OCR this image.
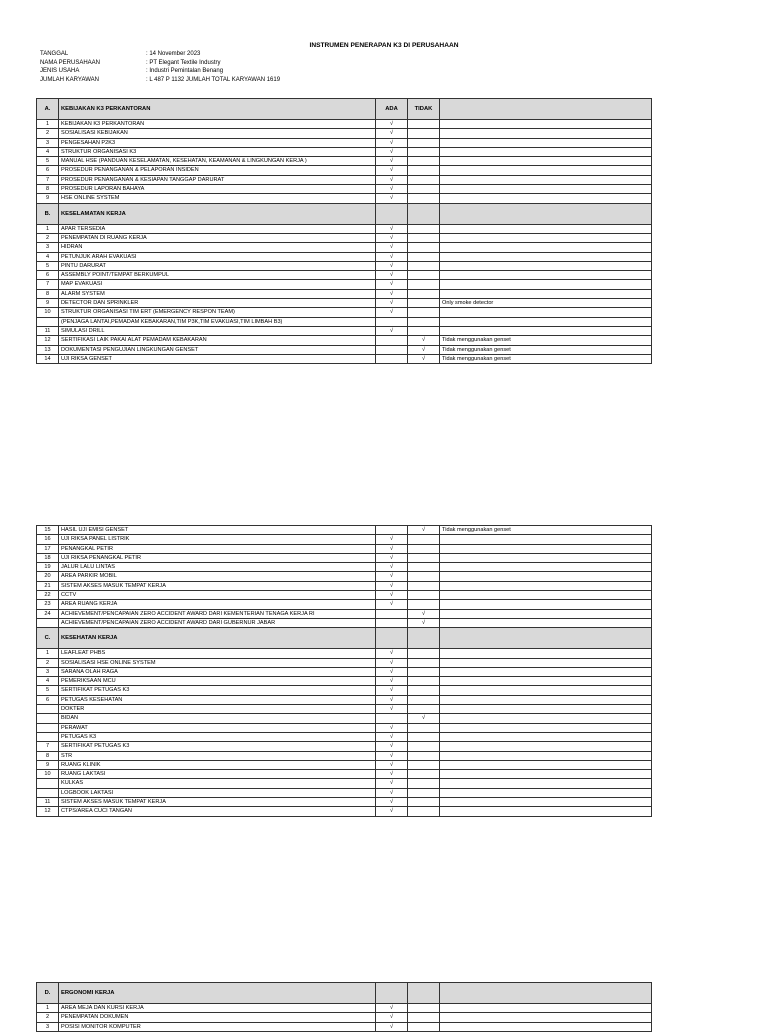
INSTRUMEN PENERAPAN K3 DI PERUSAHAAN
TANGGAL	: 14 November 2023
NAMA PERUSAHAAN	: PT Elegant Textile Industry
JENIS USAHA	: Industri Pemintalan Benang
JUMLAH KARYAWAN	: L 487 P 1132 JUMLAH TOTAL KARYAWAN 1619
A.	KEBIJAKAN K3 PERKANTORAN	ADA	TIDAK	
1	KEBIJAKAN K3 PERKANTORAN	√		
2	SOSIALISASI KEBIJAKAN	√		
3	PENGESAHAN P2K3	√		
4	STRUKTUR ORGANISASI K3	√		
5	MANUAL HSE (PANDUAN KESELAMATAN, KESEHATAN, KEAMANAN & LINGKUNGAN KERJA )	√		
6	PROSEDUR PENANGANAN & PELAPORAN INSIDEN	√		
7	PROSEDUR PENANGANAN & KESIAPAN TANGGAP DARURAT	√		
8	PROSEDUR LAPORAN BAHAYA	√		
9	HSE ONLINE SYSTEM	√		
B.	KESELAMATAN KERJA			
1	APAR TERSEDIA	√		
2	PENEMPATAN DI RUANG KERJA	√		
3	HIDRAN	√		
4	PETUNJUK ARAH EVAKUASI	√		
5	PINTU DARURAT	√		
6	ASSEMBLY POINT/TEMPAT BERKUMPUL	√		
7	MAP EVAKUASI	√		
8	ALARM SYSTEM	√		
9	DETECTOR DAN SPRINKLER	√		Only smoke detector
10	STRUKTUR ORGANISASI TIM ERT (EMERGENCY RESPON TEAM)	√		
	(PENJAGA LANTAI,PEMADAM KEBAKARAN,TIM P3K,TIM EVAKUASI,TIM LIMBAH B3)			
11	SIMULASI DRILL	√		
12	SERTIFIKASI LAIK PAKAI ALAT PEMADAM KEBAKARAN		√	Tidak menggunakan genset
13	DOKUMENTASI PENGUJIAN LINGKUNGAN GENSET		√	Tidak menggunakan genset
14	UJI RIKSA GENSET		√	Tidak menggunakan genset
15	HASIL UJI EMISI GENSET		√	Tidak menggunakan genset
16	UJI RIKSA PANEL LISTRIK	√		
17	PENANGKAL PETIR	√		
18	UJI RIKSA PENANGKAL PETIR	√		
19	JALUR LALU LINTAS	√		
20	AREA PARKIR MOBIL	√		
21	SISTEM AKSES MASUK TEMPAT KERJA	√		
22	CCTV	√		
23	AREA RUANG KERJA	√		
24	ACHIEVEMENT/PENCAPAIAN ZERO ACCIDENT AWARD DARI KEMENTERIAN TENAGA KERJA RI		√	
	ACHIEVEMENT/PENCAPAIAN ZERO ACCIDENT AWARD DARI GUBERNUR JABAR		√	
C.	KESEHATAN KERJA			
1	LEAFLEAT PHBS	√		
2	SOSIALISASI HSE ONLINE SYSTEM	√		
3	SARANA OLAH RAGA	√		
4	PEMERIKSAAN MCU	√		
5	SERTIFIKAT PETUGAS K3	√		
6	PETUGAS KESEHATAN	√		
	DOKTER	√		
	BIDAN		√	
	PERAWAT	√		
	PETUGAS K3	√		
7	SERTIFIKAT PETUGAS K3	√		
8	STR	√		
9	RUANG KLINIK	√		
10	RUANG LAKTASI	√		
	KULKAS	√		
	LOGBOOK LAKTASI	√		
11	SISTEM AKSES MASUK TEMPAT KERJA	√		
12	CTPS/AREA CUCI TANGAN	√		
D.	ERGONOMI KERJA			
1	AREA MEJA DAN KURSI KERJA	√		
2	PENEMPATAN DOKUMEN	√		
3	POSISI MONITOR KOMPUTER	√		
